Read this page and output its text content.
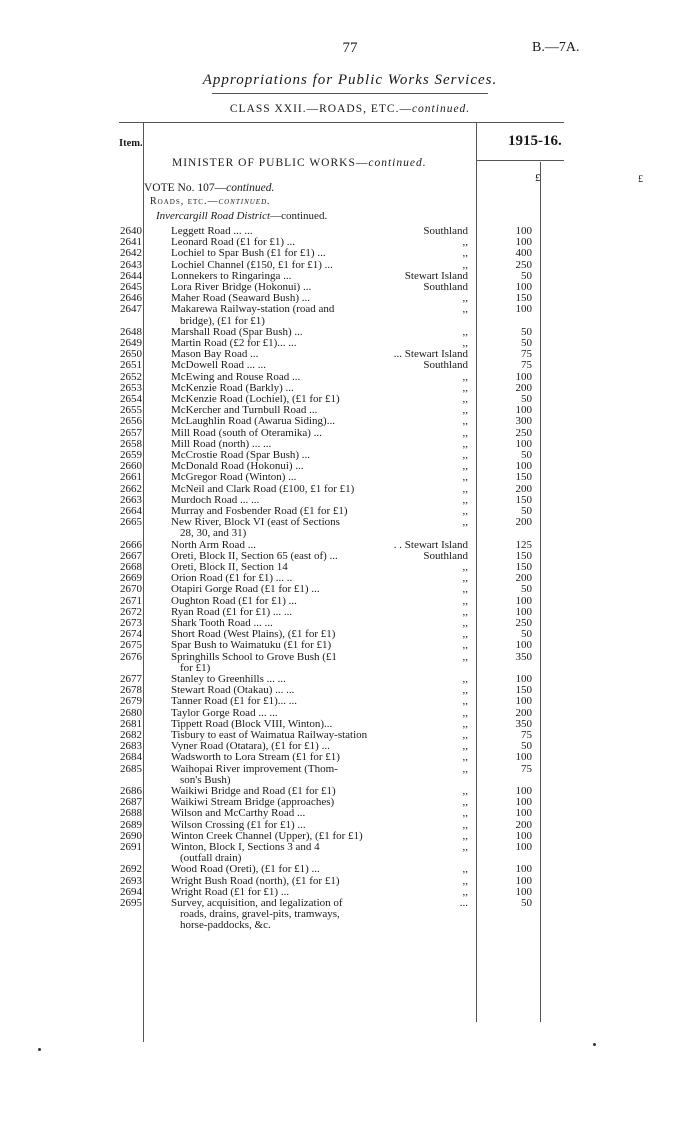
77	B.—7A.
Appropriations for Public Works Services.
CLASS XXII.—ROADS, ETC.—continued.
Item.	1915-16.
£	£
MINISTER OF PUBLIC WORKS—continued.
VOTE No. 107—continued.
Roads, etc.—continued.
Invercargill Road District—continued.
2640	Leggett Road ... ...	Southland	100
2641	Leonard Road (£1 for £1) ...	,,	100
2642	Lochiel to Spar Bush (£1 for £1) ...	,,	400
2643	Lochiel Channel (£150, £1 for £1) ...	,,	250
2644	Lonnekers to Ringaringa ...	Stewart Island	50
2645	Lora River Bridge (Hokonui) ...	Southland	100
2646	Maher Road (Seaward Bush) ...	,,	150
2647	Makarewa Railway-station (road and	,,	100
bridge), (£1 for £1)
2648	Marshall Road (Spar Bush) ...	,,	50
2649	Martin Road (£2 for £1)... ...	,,	50
2650	Mason Bay Road ...	... Stewart Island	75
2651	McDowell Road ... ...	Southland	75
2652	McEwing and Rouse Road ...	,,	100
2653	McKenzie Road (Barkly) ...	,,	200
2654	McKenzie Road (Lochiel), (£1 for £1)	,,	50
2655	McKercher and Turnbull Road ...	,,	100
2656	McLaughlin Road (Awarua Siding)...	,,	300
2657	Mill Road (south of Oteramika) ...	,,	250
2658	Mill Road (north) ... ...	,,	100
2659	McCrostie Road (Spar Bush) ...	,,	50
2660	McDonald Road (Hokonui) ...	,,	100
2661	McGregor Road (Winton) ...	,,	150
2662	McNeil and Clark Road (£100, £1 for £1)	,,	200
2663	Murdoch Road ... ...	,,	150
2664	Murray and Fosbender Road (£1 for £1)	,,	50
2665	New River, Block VI (east of Sections	,,	200
28, 30, and 31)
2666	North Arm Road ...	. . Stewart Island	125
2667	Oreti, Block II, Section 65 (east of) ...	Southland	150
2668	Oreti, Block II, Section 14	,,	150
2669	Orion Road (£1 for £1) ... ..	,,	200
2670	Otapiri Gorge Road (£1 for £1) ...	,,	50
2671	Oughton Road (£1 for £1) ...	,,	100
2672	Ryan Road (£1 for £1) ... ...	,,	100
2673	Shark Tooth Road ... ...	,,	250
2674	Short Road (West Plains), (£1 for £1)	,,	50
2675	Spar Bush to Waimatuku (£1 for £1)	,,	100
2676	Springhills School to Grove Bush (£1	,,	350
for £1)
2677	Stanley to Greenhills ... ...	,,	100
2678	Stewart Road (Otakau) ... ...	,,	150
2679	Tanner Road (£1 for £1)... ...	,,	100
2680	Taylor Gorge Road ... ...	,,	200
2681	Tippett Road (Block VIII, Winton)...	,,	350
2682	Tisbury to east of Waimatua Railway-station	,,	75
2683	Vyner Road (Otatara), (£1 for £1) ...	,,	50
2684	Wadsworth to Lora Stream (£1 for £1)	,,	100
2685	Waihopai River improvement (Thom-	,,	75
son's Bush)
2686	Waikiwi Bridge and Road (£1 for £1)	,,	100
2687	Waikiwi Stream Bridge (approaches)	,,	100
2688	Wilson and McCarthy Road ...	,,	100
2689	Wilson Crossing (£1 for £1) ...	,,	200
2690	Winton Creek Channel (Upper), (£1 for £1)	,,	100
2691	Winton, Block I, Sections 3 and 4	,,	100
(outfall drain)
2692	Wood Road (Oreti), (£1 for £1) ...	,,	100
2693	Wright Bush Road (north), (£1 for £1)	,,	100
2694	Wright Road (£1 for £1) ...	,,	100
2695	Survey, acquisition, and legalization of	...	50
roads, drains, gravel-pits, tramways,
horse-paddocks, &c.
